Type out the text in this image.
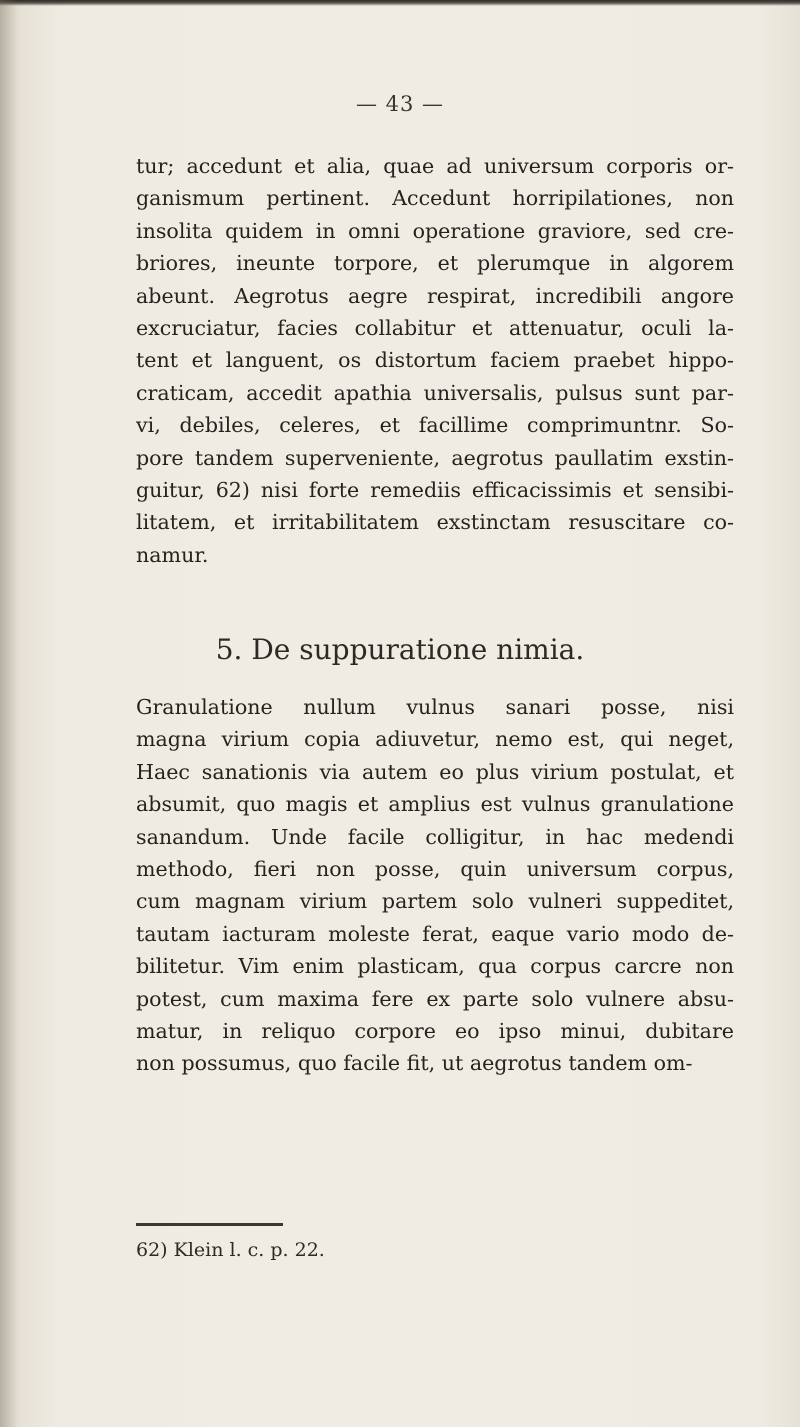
— 43 —
tur; accedunt et alia, quae ad universum corporis or-
ganismum pertinent. Accedunt horripilationes, non
insolita quidem in omni operatione graviore, sed cre-
briores, ineunte torpore, et plerumque in algorem
abeunt. Aegrotus aegre respirat, incredibili angore
excruciatur, facies collabitur et attenuatur, oculi la-
tent et languent, os distortum faciem praebet hippo-
craticam, accedit apathia universalis, pulsus sunt par-
vi, debiles, celeres, et facillime comprimuntnr. So-
pore tandem superveniente, aegrotus paullatim exstin-
guitur, 62) nisi forte remediis efficacissimis et sensibi-
litatem, et irritabilitatem exstinctam resuscitare co-
namur.
5. De suppuratione nimia.
Granulatione nullum vulnus sanari posse, nisi
magna virium copia adiuvetur, nemo est, qui neget,
Haec sanationis via autem eo plus virium postulat, et
absumit, quo magis et amplius est vulnus granulatione
sanandum. Unde facile colligitur, in hac medendi
methodo, fieri non posse, quin universum corpus,
cum magnam virium partem solo vulneri suppeditet,
tautam iacturam moleste ferat, eaque vario modo de-
bilitetur. Vim enim plasticam, qua corpus carcre non
potest, cum maxima fere ex parte solo vulnere absu-
matur, in reliquo corpore eo ipso minui, dubitare
non possumus, quo facile fit, ut aegrotus tandem om-
62) Klein l. c. p. 22.
